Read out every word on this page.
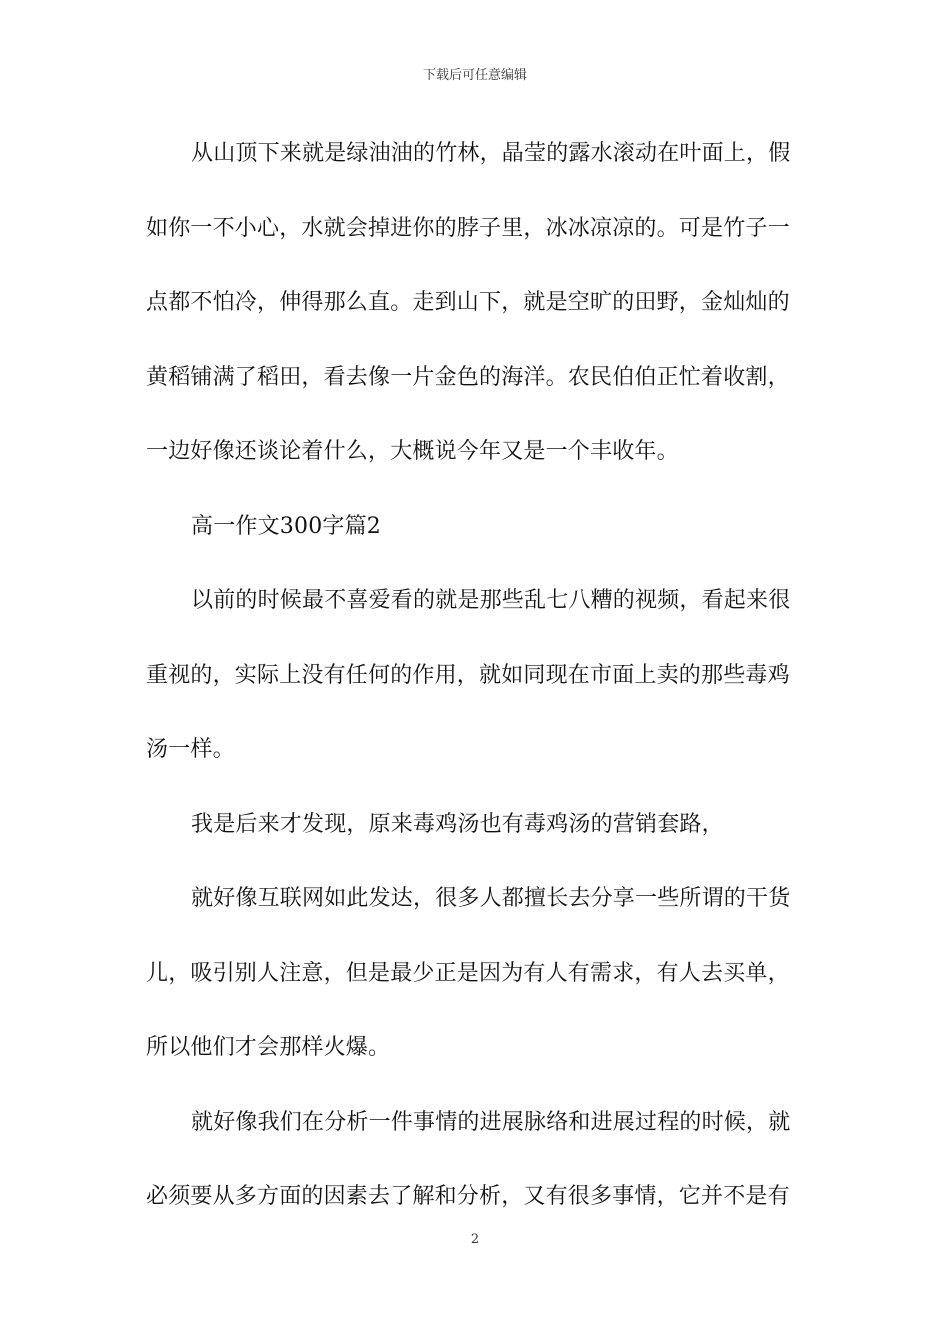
下载后可任意编辑
从山顶下来就是绿油油的竹林，晶莹的露水滚动在叶面上，假
如你一不小心，水就会掉进你的脖子里，冰冰凉凉的。可是竹子一
点都不怕冷，伸得那么直。走到山下，就是空旷的田野，金灿灿的
黄稻铺满了稻田，看去像一片金色的海洋。农民伯伯正忙着收割，
一边好像还谈论着什么，大概说今年又是一个丰收年。
高一作文300字篇2
以前的时候最不喜爱看的就是那些乱七八糟的视频，看起来很
重视的，实际上没有任何的作用，就如同现在市面上卖的那些毒鸡
汤一样。
我是后来才发现，原来毒鸡汤也有毒鸡汤的营销套路，
就好像互联网如此发达，很多人都擅长去分享一些所谓的干货
儿，吸引别人注意，但是最少正是因为有人有需求，有人去买单，
所以他们才会那样火爆。
就好像我们在分析一件事情的进展脉络和进展过程的时候，就
必须要从多方面的因素去了解和分析，又有很多事情，它并不是有
2
